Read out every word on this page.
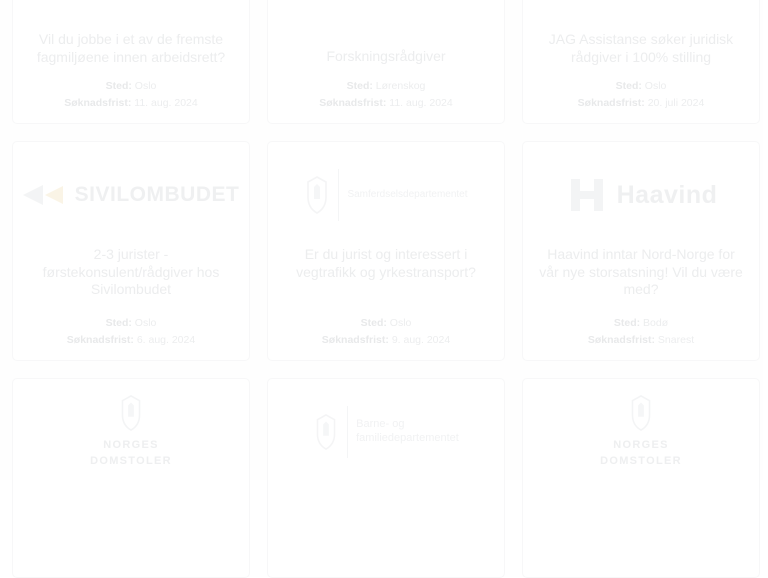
Vil du jobbe i et av de fremste fagmiljøene innen arbeidsrett?
Sted: Oslo
Søknadsfrist: 11. aug. 2024
Forskningsrådgiver
Sted: Lørenskog
Søknadsfrist: 11. aug. 2024
JAG Assistanse søker juridisk rådgiver i 100% stilling
Sted: Oslo
Søknadsfrist: 20. juli 2024
SIVILOMBUDET
2-3 jurister - førstekonsulent/rådgiver hos Sivilombudet
Sted: Oslo
Søknadsfrist: 6. aug. 2024
Samferdselsdepartementet
Er du jurist og interessert i vegtrafikk og yrkestransport?
Sted: Oslo
Søknadsfrist: 9. aug. 2024
Haavind
Haavind inntar Nord-Norge for vår nye storsatsning! Vil du være med?
Sted: Bodø
Søknadsfrist: Snarest
NORGES
DOMSTOLER
Barne- og
familiedepartementet
NORGES
DOMSTOLER
